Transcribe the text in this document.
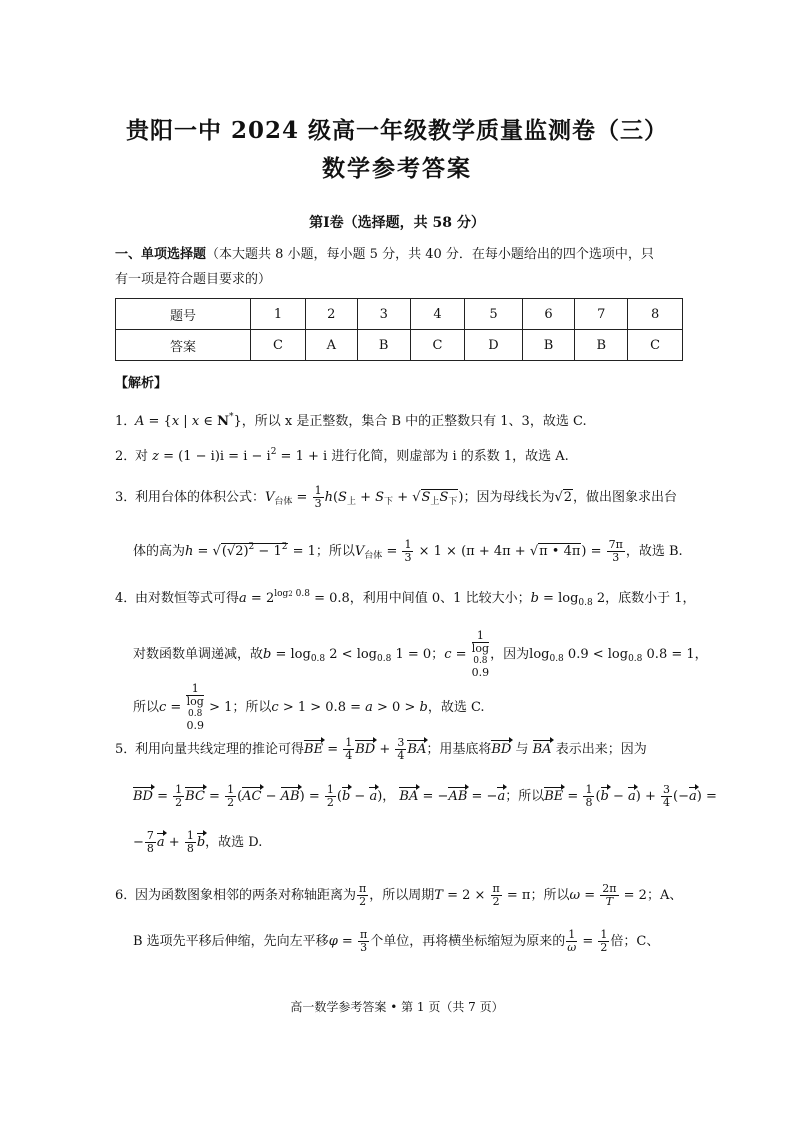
贵阳一中 2024 级高一年级教学质量监测卷（三）
数学参考答案
第Ⅰ卷（选择题，共 58 分）
一、单项选择题（本大题共 8 小题，每小题 5 分，共 40 分．在每小题给出的四个选项中，只
有一项是符合题目要求的）
题号	1	2	3	4	5	6	7	8
答案	C	A	B	C	D	B	B	C
【解析】
1．A = {x | x ∈ N*}，所以 x 是正整数，集合 B 中的正整数只有 1、3，故选 C.
2．对 $z = (1 - i)i = i - i^2 = 1 + i$ 进行化简，则虚部为 i 的系数 1，故选 A.
3．利用台体的体积公式：$V_{台体} = \frac{1}{3} h(S_上 + S_下 + √S_上S_下)$；因为母线长为√2，做出图象求出台
体的高为$h = √(√2)^2 - 1^2 = 1$；所以$V_{台体} = \frac{1}{3} \times 1 \times (\pi + 4\pi + √\pi$ • $4\pi) = \frac{7\pi}{3}$ ，故选 B.
4．由对数恒等式可得$a = 2^{log2 0.8} = 0.8$，利用中间值 0、1 比较大小；$b = \log_{0.8} 2$，底数小于 1，
对数函数单调递减，故$b = \log_{0.8} 2 < \log_{0.8} 1 = 0$；c = 1
log
0.8
0.9 ，因为$\log_{0.8} 0.9 < \log_{0.8} 0.8 = 1$，
所以c = 1
log
0.8
0.9 > 1；所以c > 1 > 0.8 = a > 0 > b，故选 C.
5．利用向量共线定理的推论可得BE = $\frac{1}{4}$ BD + $\frac{3}{4}$ BA；用基底将BD 与 BA 表示出来；因为
BD = $\frac{1}{2}$ BC = $\frac{1}{2} (AC - AB) = \frac{1}{2} (b - a)$， BA = −AB = −a；所以BE = $\frac{1}{8} (b - a) + \frac{3}{4} (-a)$ =
− $\frac{7}{8}$ $a + \frac{1}{8}$ b，故选 D.
6．因为函数图象相邻的两条对称轴距离为 $\frac{\pi}{2}$ ，所以周期$T = 2 \times \frac{\pi}{2} = \pi$；所以$\omega = \frac{2\pi}{T} = 2$；A、
B 选项先平移后伸缩，先向左平移$\varphi = \frac{\pi}{3}$ 个单位，再将横坐标缩短为原来的 $\frac{1}{\omega} = \frac{1}{2}$ 倍；C、
高一数学参考答案 • 第 1 页（共 7 页）
